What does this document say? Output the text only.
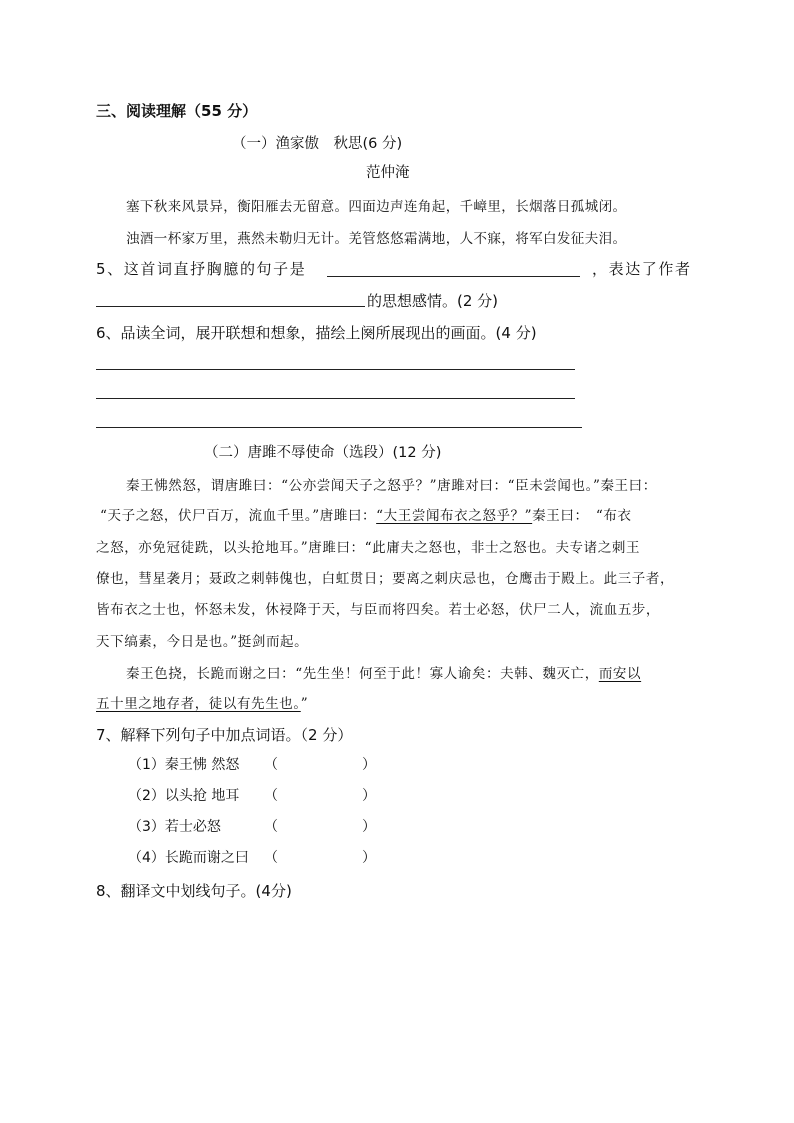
三、阅读理解（55 分）
（一）渔家傲　秋思(6 分)
范仲淹
塞下秋来风景异，衡阳雁去无留意。四面边声连角起，千嶂里，长烟落日孤城闭。
浊酒一杯家万里，燕然未勒归无计。羌管悠悠霜满地，人不寐，将军白发征夫泪。
5、这首词直抒胸臆的句子是	，表达了作者
的思想感情。(2 分)
6、品读全词，展开联想和想象，描绘上阕所展现出的画面。(4 分)
（二）唐雎不辱使命（选段）(12 分)
秦王怫然怒，谓唐雎曰：“公亦尝闻天子之怒乎？”唐雎对曰：“臣未尝闻也。”秦王曰：
“天子之怒，伏尸百万，流血千里。”唐雎曰：“大王尝闻布衣之怒乎？”秦王曰：　“布衣
之怒，亦免冠徒跣，以头抢地耳。”唐雎曰：“此庸夫之怒也，非士之怒也。夫专诸之刺王
僚也，彗星袭月；聂政之刺韩傀也，白虹贯日；要离之刺庆忌也，仓鹰击于殿上。此三子者，
皆布衣之士也，怀怒未发，休祲降于天，与臣而将四矣。若士必怒，伏尸二人，流血五步，
天下缟素，今日是也。”挺剑而起。
秦王色挠，长跪而谢之曰：“先生坐！何至于此！寡人谕矣：夫韩、魏灭亡，而安以
五十里之地存者，徒以有先生也。”
7、解释下列句子中加点词语。（2 分）
（1）秦王怫 然怒 （　　　　　　）
（2）以头抢 地耳 （　　　　　　）
（3）若士必怒	（　　　　　　）
（4）长跪而谢之曰 （　　　　　　）
8、翻译文中划线句子。(4分)
